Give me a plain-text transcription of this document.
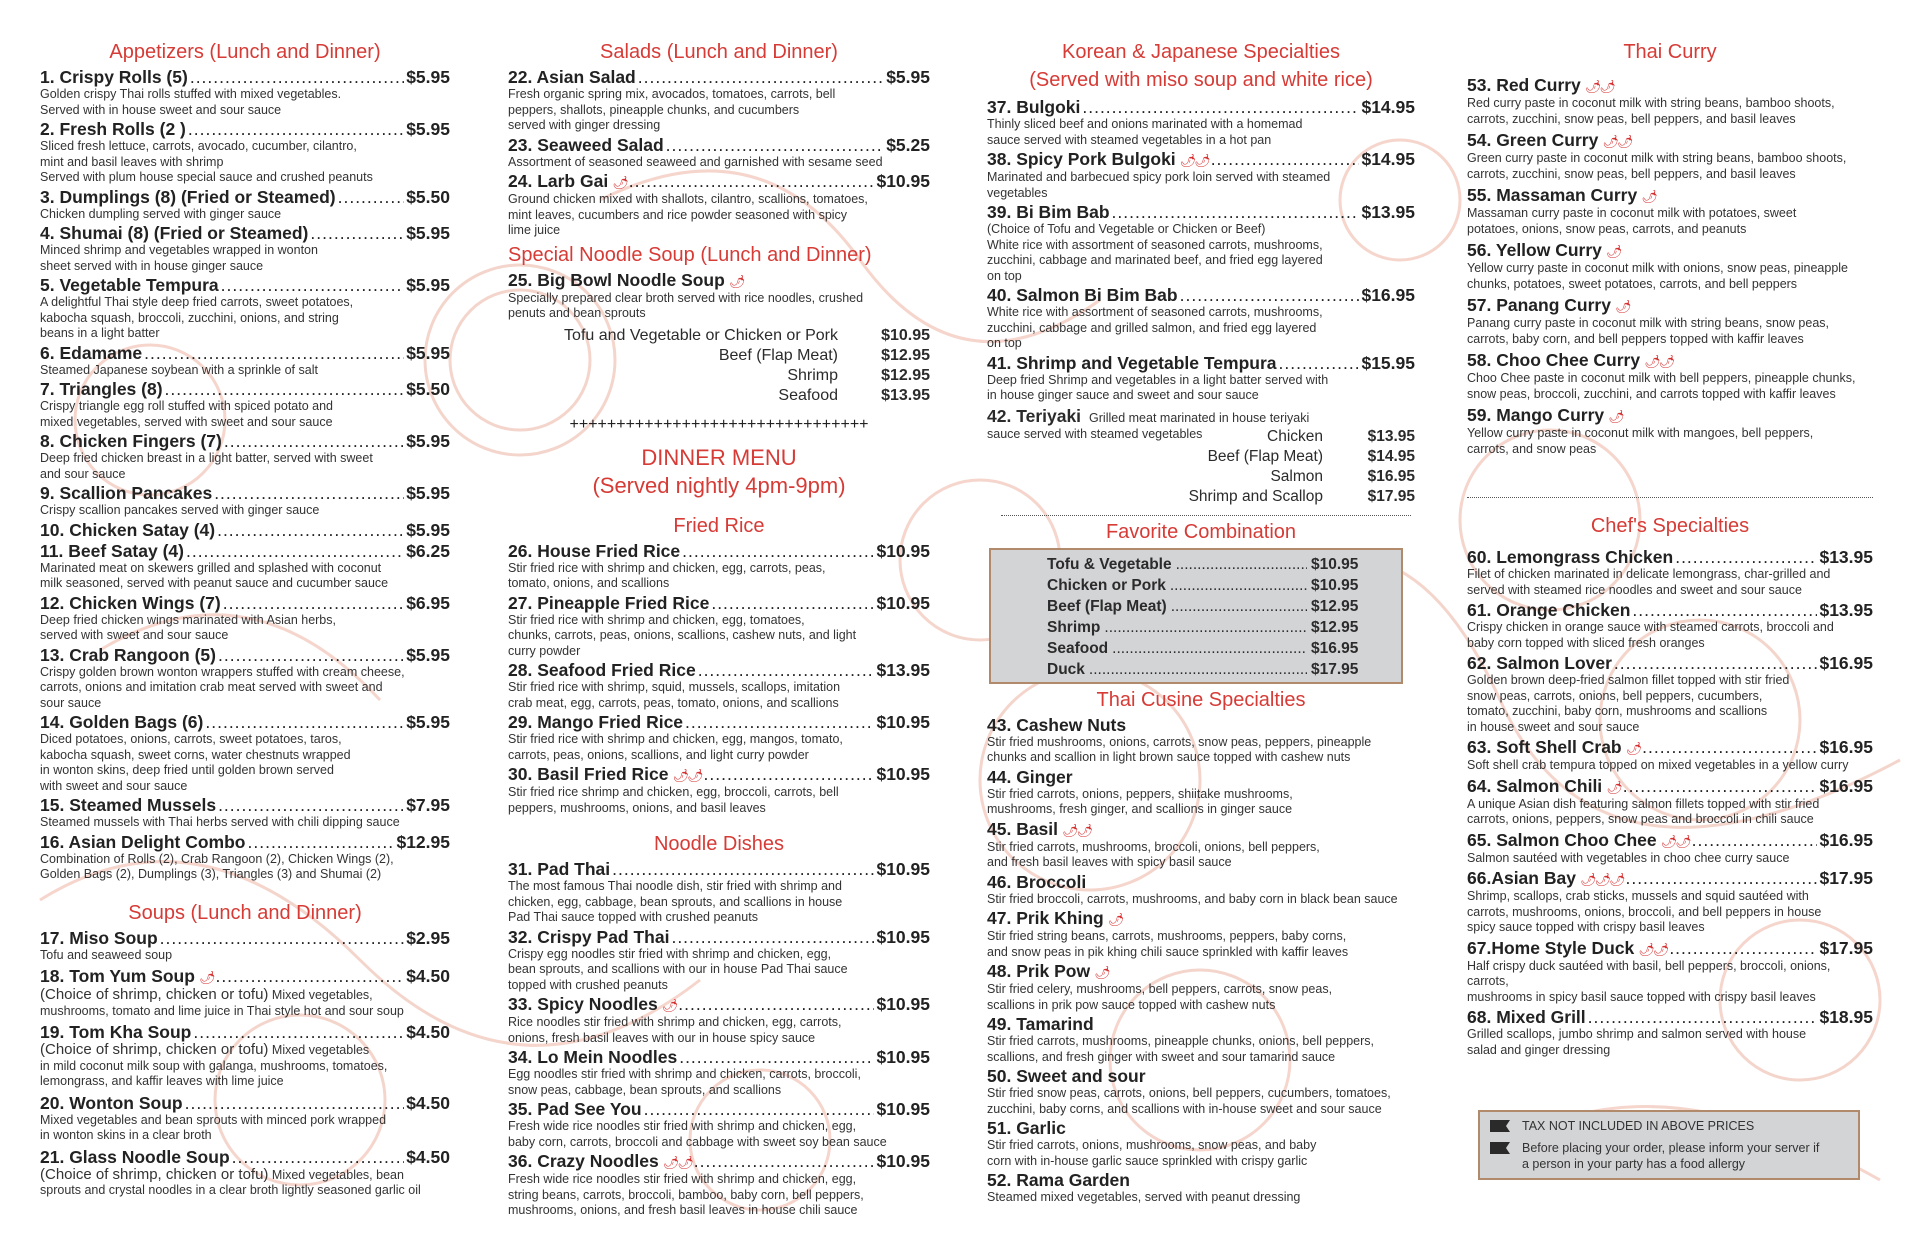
Appetizers (Lunch and Dinner)
1. Crispy Rolls (5) .....	$5.95
Golden crispy Thai rolls stuffed with mixed vegetables.
Served with in house sweet and sour sauce
2. Fresh Rolls (2 ) .....	$5.95
Sliced fresh lettuce, carrots, avocado, cucumber, cilantro,
mint and basil leaves with shrimp
Served with plum house special sauce and crushed peanuts
3. Dumplings (8) (Fried or Steamed) .....	$5.50
Chicken dumpling served with ginger sauce
4. Shumai (8) (Fried or Steamed) .....	$5.95
Minced shrimp and vegetables wrapped in wonton
sheet served with in house ginger sauce
5. Vegetable Tempura .....	$5.95
A delightful Thai style deep fried carrots, sweet potatoes,
kabocha squash, broccoli, zucchini, onions, and string
beans in a light batter
6. Edamame .....	$5.95
Steamed Japanese soybean with a sprinkle of salt
7. Triangles (8) .....	$5.50
Crispy triangle egg roll stuffed with spiced potato and
mixed vegetables, served with sweet and sour sauce
8. Chicken Fingers (7) .....	$5.95
Deep fried chicken breast in a light batter, served with sweet
and sour sauce
9. Scallion Pancakes .....	$5.95
Crispy scallion pancakes served with ginger sauce
10. Chicken Satay (4) .....	$5.95
11. Beef Satay (4) .....	$6.25
Marinated meat on skewers grilled and splashed with coconut
milk seasoned, served with peanut sauce and cucumber sauce
12. Chicken Wings (7) .....	$6.95
Deep fried chicken wings marinated with Asian herbs,
served with sweet and sour sauce
13. Crab Rangoon (5) .....	$5.95
Crispy golden brown wonton wrappers stuffed with cream cheese,
carrots, onions and imitation crab meat served with sweet and
sour sauce
14. Golden Bags (6) .....	$5.95
Diced potatoes, onions, carrots, sweet potatoes, taros,
kabocha squash, sweet corns, water chestnuts wrapped
in wonton skins, deep fried until golden brown served
with sweet and sour sauce
15. Steamed Mussels .....	$7.95
Steamed mussels with Thai herbs served with chili dipping sauce
16. Asian Delight Combo .....	$12.95
Combination of Rolls (2), Crab Rangoon (2), Chicken Wings (2),
Golden Bags (2), Dumplings (3), Triangles (3) and Shumai (2)
Soups (Lunch and Dinner)
17. Miso Soup .....	$2.95
Tofu and seaweed soup
18. Tom Yum Soup 🌶 .....	$4.50
(Choice of shrimp, chicken or tofu) Mixed vegetables,
mushrooms, tomato and lime juice in Thai style hot and sour soup
19. Tom Kha Soup .....	$4.50
(Choice of shrimp, chicken or tofu) Mixed vegetables
in mild coconut milk soup with galanga, mushrooms, tomatoes,
lemongrass, and kaffir leaves with lime juice
20. Wonton Soup .....	$4.50
Mixed vegetables and bean sprouts with minced pork wrapped
in wonton skins in a clear broth
21. Glass Noodle Soup .....	$4.50
(Choice of shrimp, chicken or tofu) Mixed vegetables, bean
sprouts and crystal noodles in a clear broth lightly seasoned garlic oil
Salads (Lunch and Dinner)
22. Asian Salad .....	$5.95
Fresh organic spring mix, avocados, tomatoes, carrots, bell
peppers, shallots, pineapple chunks, and cucumbers
served with ginger dressing
23. Seaweed Salad .....	$5.25
Assortment of seasoned seaweed and garnished with sesame seed
24. Larb Gai 🌶 .....	$10.95
Ground chicken mixed with shallots, cilantro, scallions, tomatoes,
mint leaves, cucumbers and rice powder seasoned with spicy
lime juice
Special Noodle Soup (Lunch and Dinner)
25. Big Bowl Noodle Soup 🌶
Specially prepared clear broth served with rice noodles, crushed
penuts and bean sprouts
Tofu and Vegetable or Chicken or Pork	$10.95
Beef (Flap Meat)	$12.95
Shrimp	$12.95
Seafood	$13.95
++++++++++++++++++++++++++++++++
DINNER MENU
(Served nightly 4pm-9pm)
Fried Rice
26. House Fried Rice .....	$10.95
Stir fried rice with shrimp and chicken, egg, carrots, peas,
tomato, onions, and scallions
27. Pineapple Fried Rice .....	$10.95
Stir fried rice with shrimp and chicken, egg, tomatoes,
chunks, carrots, peas, onions, scallions, cashew nuts, and light
curry powder
28. Seafood Fried Rice .....	$13.95
Stir fried rice with shrimp, squid, mussels, scallops, imitation
crab meat, egg, carrots, peas, tomato, onions, and scallions
29. Mango Fried Rice .....	$10.95
Stir fried rice with shrimp and chicken, egg, mangos, tomato,
carrots, peas, onions, scallions, and light curry powder
30. Basil Fried Rice 🌶🌶 .....	$10.95
Stir fried rice shrimp and chicken, egg, broccoli, carrots, bell
peppers, mushrooms, onions, and basil leaves
Noodle Dishes
31. Pad Thai .....	$10.95
The most famous Thai noodle dish, stir fried with shrimp and
chicken, egg, cabbage, bean sprouts, and scallions in house
Pad Thai sauce topped with crushed peanuts
32. Crispy Pad Thai .....	$10.95
Crispy egg noodles stir fried with shrimp and chicken, egg,
bean sprouts, and scallions with our in house Pad Thai sauce
topped with crushed peanuts
33. Spicy Noodles 🌶 .....	$10.95
Rice noodles stir fried with shrimp and chicken, egg, carrots,
onions, fresh basil leaves with our in house spicy sauce
34. Lo Mein Noodles .....	$10.95
Egg noodles stir fried with shrimp and chicken, carrots, broccoli,
snow peas, cabbage, bean sprouts, and scallions
35. Pad See You .....	$10.95
Fresh wide rice noodles stir fried with shrimp and chicken, egg,
baby corn, carrots, broccoli and cabbage with sweet soy bean sauce
36. Crazy Noodles 🌶🌶 .....	$10.95
Fresh wide rice noodles stir fried with shrimp and chicken, egg,
string beans, carrots, broccoli, bamboo, baby corn, bell peppers,
mushrooms, onions, and fresh basil leaves in house chili sauce
Korean & Japanese Specialties
(Served with miso soup and white rice)
37. Bulgoki .....	$14.95
Thinly sliced beef and onions marinated with a homemad
sauce served with steamed vegetables in a hot pan
38. Spicy Pork Bulgoki 🌶🌶 .....	$14.95
Marinated and barbecued spicy pork loin served with steamed
vegetables
39. Bi Bim Bab .....	$13.95
(Choice of Tofu and Vegetable or Chicken or Beef)
White rice with assortment of seasoned carrots, mushrooms,
zucchini, cabbage and marinated beef, and fried egg layered
on top
40. Salmon Bi Bim Bab .....	$16.95
White rice with assortment of seasoned carrots, mushrooms,
zucchini, cabbage and grilled salmon, and fried egg layered
on top
41. Shrimp and Vegetable Tempura .....	$15.95
Deep fried Shrimp and vegetables in a light batter served with
in house ginger sauce and sweet and sour sauce
42. Teriyaki Grilled meat marinated in house teriyaki
sauce served with steamed vegetables	Chicken	$13.95
Beef (Flap Meat)	$14.95
Salmon	$16.95
Shrimp and Scallop	$17.95
Favorite Combination
Tofu & Vegetable .....	$10.95
Chicken or Pork .....	$10.95
Beef (Flap Meat) .....	$12.95
Shrimp .....	$12.95
Seafood .....	$16.95
Duck .....	$17.95
Thai Cusine Specialties
43. Cashew Nuts
Stir fried mushrooms, onions, carrots, snow peas, peppers, pineapple
chunks and scallion in light brown sauce topped with cashew nuts
44. Ginger
Stir fried carrots, onions, peppers, shiitake mushrooms,
mushrooms, fresh ginger, and scallions in ginger sauce
45. Basil 🌶🌶
Stir fried carrots, mushrooms, broccoli, onions, bell peppers,
and fresh basil leaves with spicy basil sauce
46. Broccoli
Stir fried broccoli, carrots, mushrooms, and baby corn in black bean sauce
47. Prik Khing 🌶
Stir fried string beans, carrots, mushrooms, peppers, baby corns,
and snow peas in pik khing chili sauce sprinkled with kaffir leaves
48. Prik Pow 🌶
Stir fried celery, mushrooms, bell peppers, carrots, snow peas,
scallions in prik pow sauce topped with cashew nuts
49. Tamarind
Stir fried carrots, mushrooms, pineapple chunks, onions, bell peppers,
scallions, and fresh ginger with sweet and sour tamarind sauce
50. Sweet and sour
Stir fried snow peas, carrots, onions, bell peppers, cucumbers, tomatoes,
zucchini, baby corns, and scallions with in-house sweet and sour sauce
51. Garlic
Stir fried carrots, onions, mushrooms, snow peas, and baby
corn with in-house garlic sauce sprinkled with crispy garlic
52. Rama Garden
Steamed mixed vegetables, served with peanut dressing
Thai Curry
53. Red Curry 🌶🌶
Red curry paste in coconut milk with string beans, bamboo shoots,
carrots, zucchini, snow peas, bell peppers, and basil leaves
54. Green Curry 🌶🌶
Green curry paste in coconut milk with string beans, bamboo shoots,
carrots, zucchini, snow peas, bell peppers, and basil leaves
55. Massaman Curry 🌶
Massaman curry paste in coconut milk with potatoes, sweet
potatoes, onions, snow peas, carrots, and peanuts
56. Yellow Curry 🌶
Yellow curry paste in coconut milk with onions, snow peas, pineapple
chunks, potatoes, sweet potatoes, carrots, and bell peppers
57. Panang Curry 🌶
Panang curry paste in coconut milk with string beans, snow peas,
carrots, baby corn, and bell peppers topped with kaffir leaves
58. Choo Chee Curry 🌶🌶
Choo Chee paste in coconut milk with bell peppers, pineapple chunks,
snow peas, broccoli, zucchini, and carrots topped with kaffir leaves
59. Mango Curry 🌶
Yellow curry paste in coconut milk with mangoes, bell peppers,
carrots, and snow peas
Chef's Specialties
60. Lemongrass Chicken .....	$13.95
Filet of chicken marinated in delicate lemongrass, char-grilled and
served with steamed rice noodles and sweet and sour sauce
61. Orange Chicken .....	$13.95
Crispy chicken in orange sauce with steamed carrots, broccoli and
baby corn topped with sliced fresh oranges
62. Salmon Lover .....	$16.95
Golden brown deep-fried salmon fillet topped with stir fried
snow peas, carrots, onions, bell peppers, cucumbers,
tomato, zucchini, baby corn, mushrooms and scallions
in house sweet and sour sauce
63. Soft Shell Crab 🌶 .....	$16.95
Soft shell crab tempura topped on mixed vegetables in a yellow curry
64. Salmon Chili 🌶 .....	$16.95
A unique Asian dish featuring salmon fillets topped with stir fried
carrots, onions, peppers, snow peas and broccoli in chili sauce
65. Salmon Choo Chee 🌶🌶 .....	$16.95
Salmon sautéed with vegetables in choo chee curry sauce
66.Asian Bay 🌶🌶🌶 .....	$17.95
Shrimp, scallops, crab sticks, mussels and squid sautéed with
carrots, mushrooms, onions, broccoli, and bell peppers in house
spicy sauce topped with crispy basil leaves
67.Home Style Duck 🌶🌶 .....	$17.95
Half crispy duck sautéed with basil, bell peppers, broccoli, onions, carrots,
mushrooms in spicy basil sauce topped with crispy basil leaves
68. Mixed Grill .....	$18.95
Grilled scallops, jumbo shrimp and salmon served with house
salad and ginger dressing
TAX NOT INCLUDED IN ABOVE PRICES
Before placing your order, please inform your server if
a person in your party has a food allergy
